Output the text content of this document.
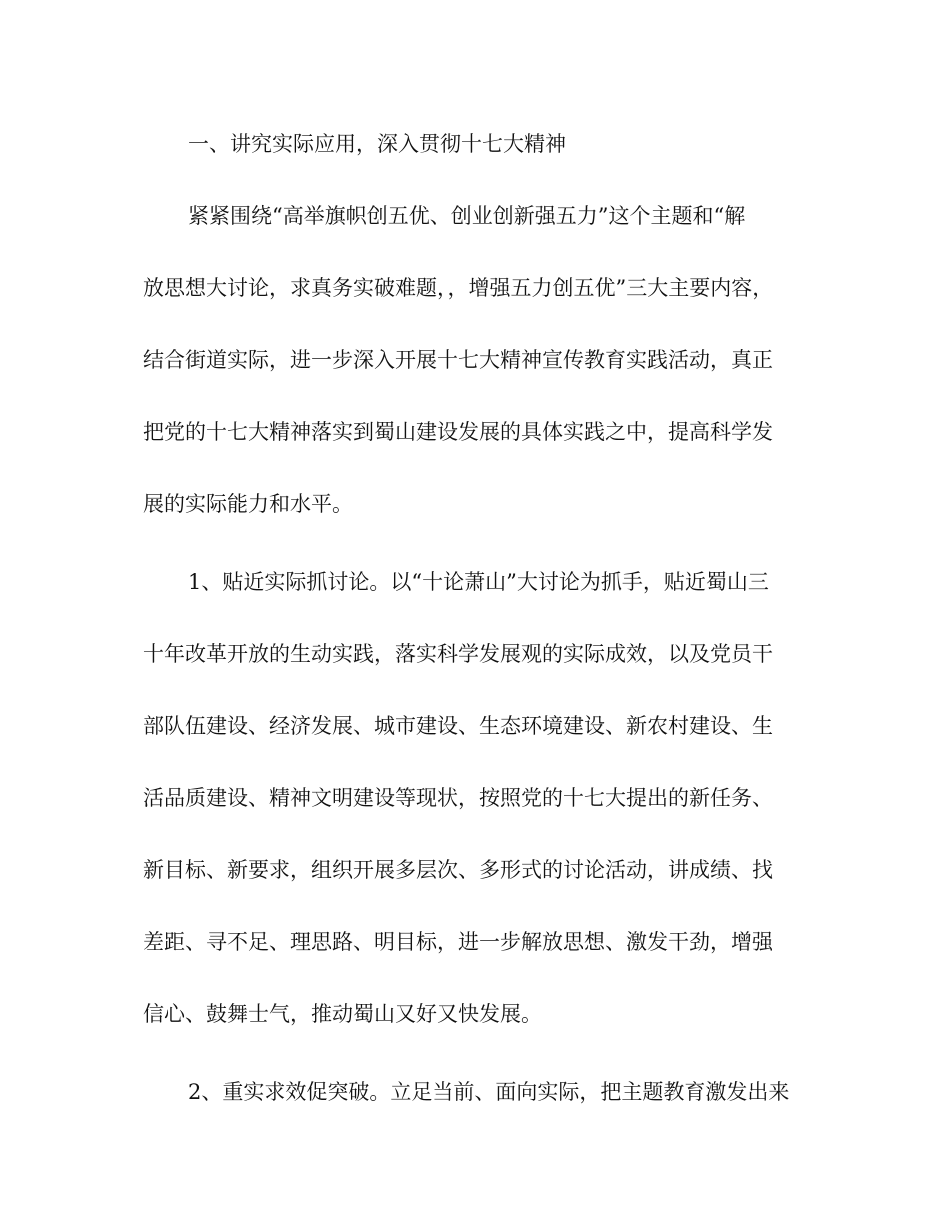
一、讲究实际应用，深入贯彻十七大精神
紧紧围绕“高举旗帜创五优、创业创新强五力”这个主题和“解
放思想大讨论，求真务实破难题，，增强五力创五优”三大主要内容，
结合街道实际，进一步深入开展十七大精神宣传教育实践活动，真正
把党的十七大精神落实到蜀山建设发展的具体实践之中，提高科学发
展的实际能力和水平。
1、贴近实际抓讨论。以“十论萧山”大讨论为抓手，贴近蜀山三
十年改革开放的生动实践，落实科学发展观的实际成效，以及党员干
部队伍建设、经济发展、城市建设、生态环境建设、新农村建设、生
活品质建设、精神文明建设等现状，按照党的十七大提出的新任务、
新目标、新要求，组织开展多层次、多形式的讨论活动，讲成绩、找
差距、寻不足、理思路、明目标，进一步解放思想、激发干劲，增强
信心、鼓舞士气，推动蜀山又好又快发展。
2、重实求效促突破。立足当前、面向实际，把主题教育激发出来
